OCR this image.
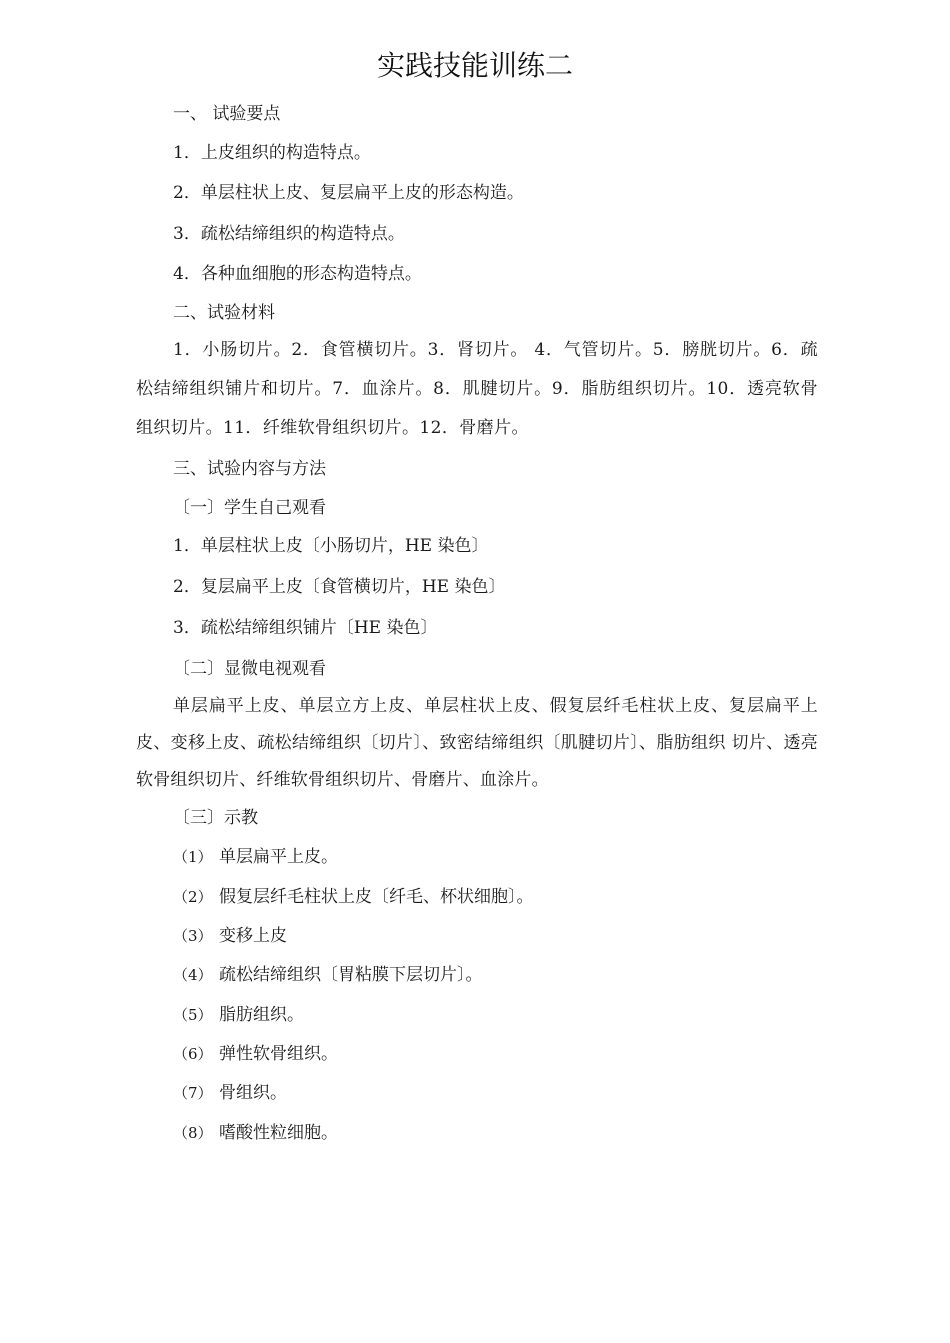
实践技能训练二
一、 试验要点
1．上皮组织的构造特点。
2．单层柱状上皮、复层扁平上皮的形态构造。
3．疏松结缔组织的构造特点。
4．各种血细胞的形态构造特点。
二、试验材料
1．小肠切片。2．食管横切片。3．肾切片。 4．气管切片。5．膀胱切片。6．疏松结缔组织铺片和切片。7．血涂片。8．肌腱切片。9．脂肪组织切片。10．透亮软骨组织切片。11．纤维软骨组织切片。12．骨磨片。
三、试验内容与方法
〔一〕学生自己观看
1．单层柱状上皮〔小肠切片，HE 染色〕
2．复层扁平上皮〔食管横切片，HE 染色〕
3．疏松结缔组织铺片〔HE 染色〕
〔二〕显微电视观看
单层扁平上皮、单层立方上皮、单层柱状上皮、假复层纤毛柱状上皮、复层扁平上皮、变移上皮、疏松结缔组织〔切片〕、致密结缔组织〔肌腱切片〕、脂肪组织 切片、透亮软骨组织切片、纤维软骨组织切片、骨磨片、血涂片。
〔三〕示教
（1） 单层扁平上皮。
（2） 假复层纤毛柱状上皮〔纤毛、杯状细胞〕。
（3） 变移上皮
（4） 疏松结缔组织〔胃粘膜下层切片〕。
（5） 脂肪组织。
（6） 弹性软骨组织。
（7） 骨组织。
（8） 嗜酸性粒细胞。
